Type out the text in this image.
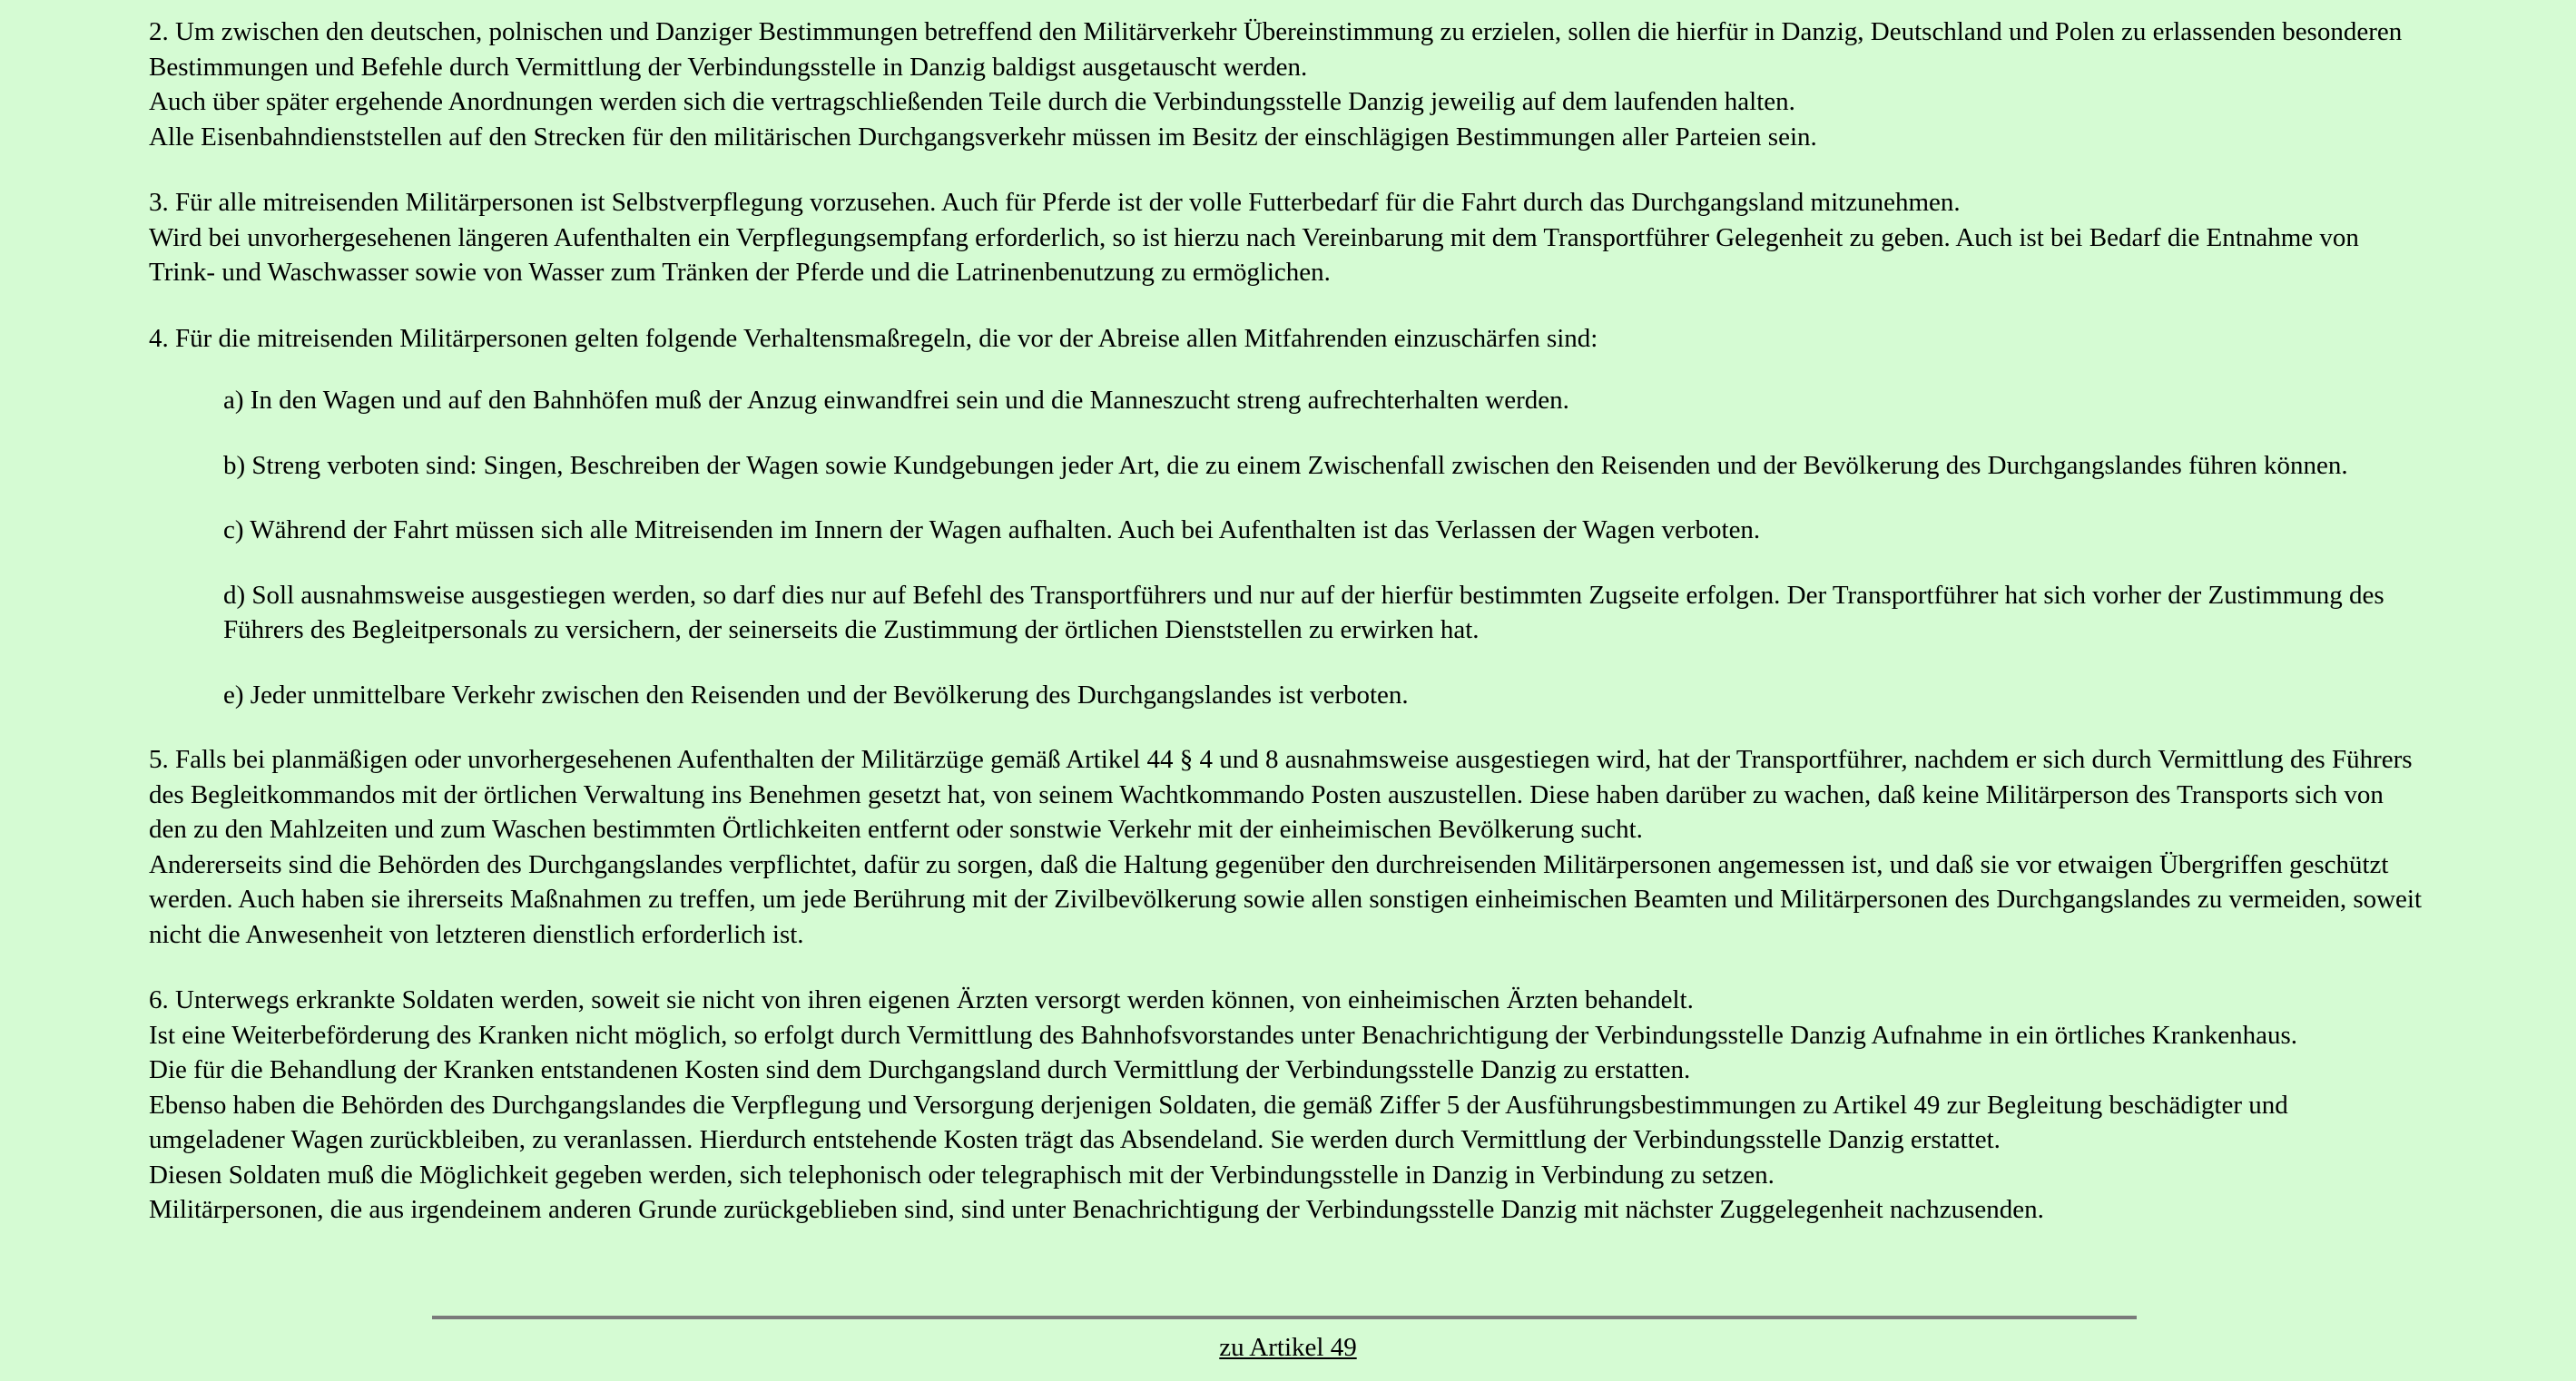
2. Um zwischen den deutschen, polnischen und Danziger Bestimmungen betreffend den Militärverkehr Übereinstimmung zu erzielen, sollen die hierfür in Danzig, Deutschland und Polen zu erlassenden besonderen Bestimmungen und Befehle durch Vermittlung der Verbindungsstelle in Danzig baldigst ausgetauscht werden.

Auch über später ergehende Anordnungen werden sich die vertragschließenden Teile durch die Verbindungsstelle Danzig jeweilig auf dem laufenden halten.

Alle Eisenbahndienststellen auf den Strecken für den militärischen Durchgangsverkehr müssen im Besitz der einschlägigen Bestimmungen aller Parteien sein.

3. Für alle mitreisenden Militärpersonen ist Selbstverpflegung vorzusehen. Auch für Pferde ist der volle Futterbedarf für die Fahrt durch das Durchgangsland mitzunehmen.

Wird bei unvorhergesehenen längeren Aufenthalten ein Verpflegungsempfang erforderlich, so ist hierzu nach Vereinbarung mit dem Transportführer Gelegenheit zu geben. Auch ist bei Bedarf die Entnahme von Trink- und Waschwasser sowie von Wasser zum Tränken der Pferde und die Latrinenbenutzung zu ermöglichen.

4. Für die mitreisenden Militärpersonen gelten folgende Verhaltensmaßregeln, die vor der Abreise allen Mitfahrenden einzuschärfen sind:

a) In den Wagen und auf den Bahnhöfen muß der Anzug einwandfrei sein und die Manneszucht streng aufrechterhalten werden.

b) Streng verboten sind: Singen, Beschreiben der Wagen sowie Kundgebungen jeder Art, die zu einem Zwischenfall zwischen den Reisenden und der Bevölkerung des Durchgangslandes führen können.

c) Während der Fahrt müssen sich alle Mitreisenden im Innern der Wagen aufhalten. Auch bei Aufenthalten ist das Verlassen der Wagen verboten.

d) Soll ausnahmsweise ausgestiegen werden, so darf dies nur auf Befehl des Transportführers und nur auf der hierfür bestimmten Zugseite erfolgen. Der Transportführer hat sich vorher der Zustimmung des Führers des Begleitpersonals zu versichern, der seinerseits die Zustimmung der örtlichen Dienststellen zu erwirken hat.

e) Jeder unmittelbare Verkehr zwischen den Reisenden und der Bevölkerung des Durchgangslandes ist verboten.

5. Falls bei planmäßigen oder unvorhergesehenen Aufenthalten der Militärzüge gemäß Artikel 44 § 4 und 8 ausnahmsweise ausgestiegen wird, hat der Transportführer, nachdem er sich durch Vermittlung des Führers des Begleitkommandos mit der örtlichen Verwaltung ins Benehmen gesetzt hat, von seinem Wachtkommando Posten auszustellen. Diese haben darüber zu wachen, daß keine Militärperson des Transports sich von den zu den Mahlzeiten und zum Waschen bestimmten Örtlichkeiten entfernt oder sonstwie Verkehr mit der einheimischen Bevölkerung sucht.

Andererseits sind die Behörden des Durchgangslandes verpflichtet, dafür zu sorgen, daß die Haltung gegenüber den durchreisenden Militärpersonen angemessen ist, und daß sie vor etwaigen Übergriffen geschützt werden. Auch haben sie ihrerseits Maßnahmen zu treffen, um jede Berührung mit der Zivilbevölkerung sowie allen sonstigen einheimischen Beamten und Militärpersonen des Durchgangslandes zu vermeiden, soweit nicht die Anwesenheit von letzteren dienstlich erforderlich ist.

6. Unterwegs erkrankte Soldaten werden, soweit sie nicht von ihren eigenen Ärzten versorgt werden können, von einheimischen Ärzten behandelt.

Ist eine Weiterbeförderung des Kranken nicht möglich, so erfolgt durch Vermittlung des Bahnhofsvorstandes unter Benachrichtigung der Verbindungsstelle Danzig Aufnahme in ein örtliches Krankenhaus.

Die für die Behandlung der Kranken entstandenen Kosten sind dem Durchgangsland durch Vermittlung der Verbindungsstelle Danzig zu erstatten.

Ebenso haben die Behörden des Durchgangslandes die Verpflegung und Versorgung derjenigen Soldaten, die gemäß Ziffer 5 der Ausführungsbestimmungen zu Artikel 49 zur Begleitung beschädigter und umgeladener Wagen zurückbleiben, zu veranlassen. Hierdurch entstehende Kosten trägt das Absendeland. Sie werden durch Vermittlung der Verbindungsstelle Danzig erstattet.

Diesen Soldaten muß die Möglichkeit gegeben werden, sich telephonisch oder telegraphisch mit der Verbindungsstelle in Danzig in Verbindung zu setzen.

Militärpersonen, die aus irgendeinem anderen Grunde zurückgeblieben sind, sind unter Benachrichtigung der Verbindungsstelle Danzig mit nächster Zuggelegenheit nachzusenden.

zu Artikel 49
